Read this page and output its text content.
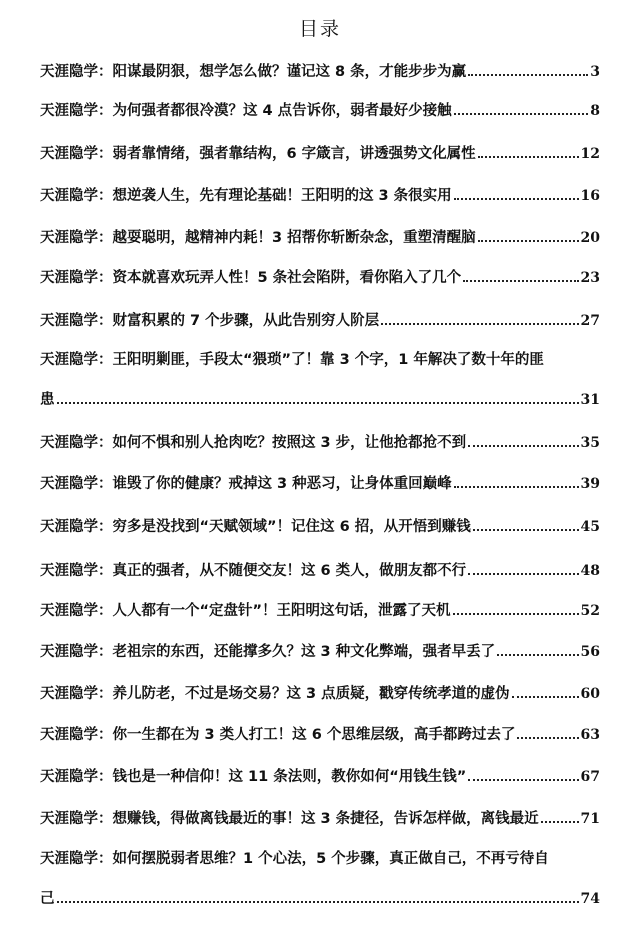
目录
天涯隐学：阳谋最阴狠，想学怎么做？谨记这 8 条，才能步步为赢	3
天涯隐学：为何强者都很冷漠？这 4 点告诉你，弱者最好少接触	8
天涯隐学：弱者靠情绪，强者靠结构，6 字箴言，讲透强势文化属性	12
天涯隐学：想逆袭人生，先有理论基础！王阳明的这 3 条很实用	16
天涯隐学：越耍聪明，越精神内耗！3 招帮你斩断杂念，重塑清醒脑	20
天涯隐学：资本就喜欢玩弄人性！5 条社会陷阱，看你陷入了几个	23
天涯隐学：财富积累的 7 个步骤，从此告别穷人阶层	27
天涯隐学：王阳明剿匪，手段太“猥琐”了！靠 3 个字，1 年解决了数十年的匪
患	31
天涯隐学：如何不惧和别人抢肉吃？按照这 3 步，让他抢都抢不到	35
天涯隐学：谁毁了你的健康？戒掉这 3 种恶习，让身体重回巅峰	39
天涯隐学：穷多是没找到“天赋领域”！记住这 6 招，从开悟到赚钱	45
天涯隐学：真正的强者，从不随便交友！这 6 类人，做朋友都不行	48
天涯隐学：人人都有一个“定盘针”！王阳明这句话，泄露了天机	52
天涯隐学：老祖宗的东西，还能撑多久？这 3 种文化弊端，强者早丢了	56
天涯隐学：养儿防老，不过是场交易？这 3 点质疑，戳穿传统孝道的虚伪	60
天涯隐学：你一生都在为 3 类人打工！这 6 个思维层级，高手都跨过去了	63
天涯隐学：钱也是一种信仰！这 11 条法则，教你如何“用钱生钱”	67
天涯隐学：想赚钱，得做离钱最近的事！这 3 条捷径，告诉怎样做，离钱最近	71
天涯隐学：如何摆脱弱者思维？1 个心法，5 个步骤，真正做自己，不再亏待自
己	74
